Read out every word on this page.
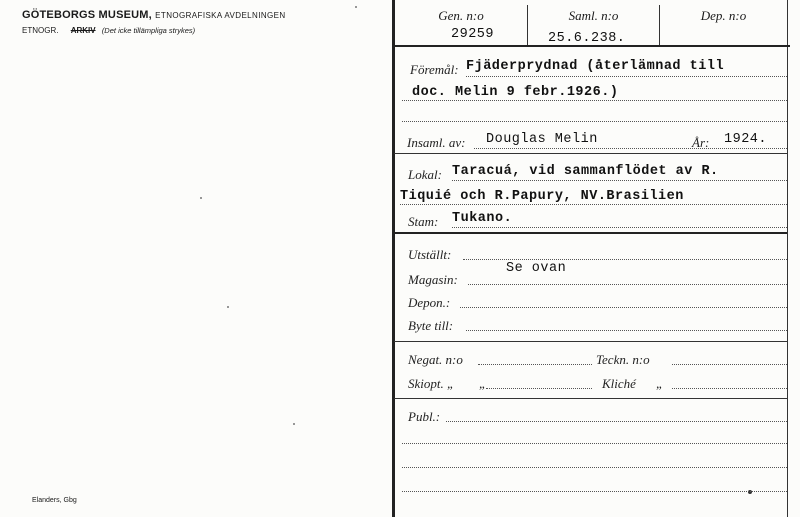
GÖTEBORGS MUSEUM, ETNOGRAFISKA AVDELNINGEN
ETNOGR. ARKIV (Det icke tillämpliga strykes)
Elanders, Gbg
Gen. n:o	Saml. n:o	Dep. n:o
29259	25.6.238.
Föremål: Fjäderprydnad (återlämnad till
doc. Melin 9 febr.1926.)
Insaml. av: Douglas Melin	År: 1924.
Lokal: Taracuá, vid sammanflödet av R.
Tiquié och R.Papury, NV.Brasilien
Stam: Tukano.
Utställt:
Se ovan
Magasin:
Depon.:
Byte till:
Negat. n:o	Teckn. n:o
Skiopt. „ „	Kliché „
Publ.:
